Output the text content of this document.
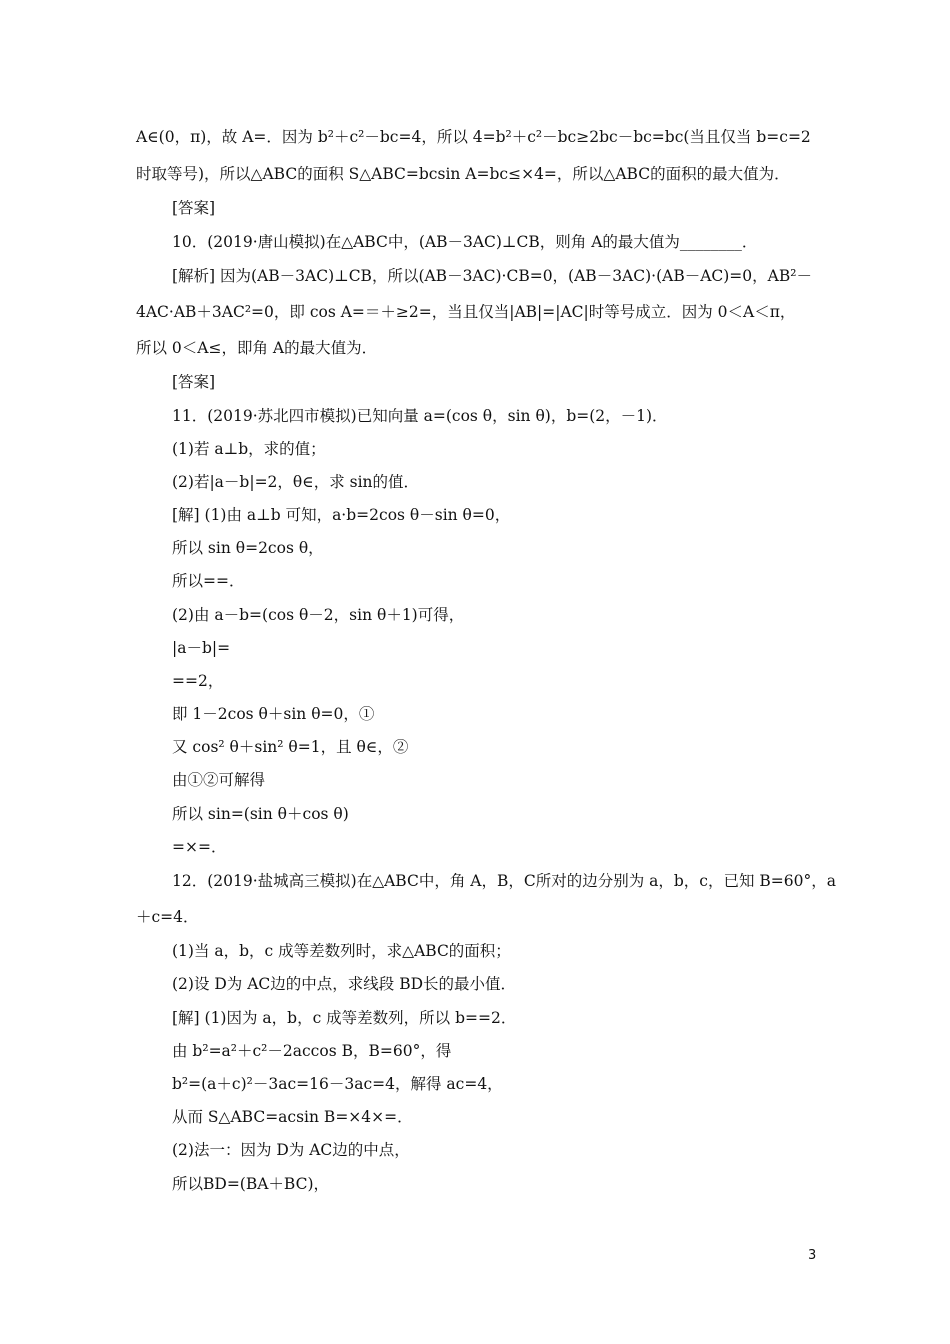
A∈(0，π)，故 A=．因为 b²＋c²－bc=4，所以 4=b²＋c²－bc≥2bc－bc=bc(当且仅当 b=c=2
时取等号)，所以△ABC的面积 S△ABC=bcsin A=bc≤×4=，所以△ABC的面积的最大值为．
[答案]
10．(2019·唐山模拟)在△ABC中，(AB－3AC)⊥CB，则角 A的最大值为________．
[解析] 因为(AB－3AC)⊥CB，所以(AB－3AC)·CB=0，(AB－3AC)·(AB－AC)=0，AB²－
4AC·AB＋3AC²=0，即 cos A=＝＋≥2=，当且仅当|AB|=|AC|时等号成立．因为 0＜A＜π，
所以 0＜A≤，即角 A的最大值为．
[答案]
11．(2019·苏北四市模拟)已知向量 a=(cos θ，sin θ)，b=(2，－1)．
(1)若 a⊥b，求的值；
(2)若|a－b|=2，θ∈，求 sin的值．
[解] (1)由 a⊥b 可知，a·b=2cos θ－sin θ=0，
所以 sin θ=2cos θ，
所以==．
(2)由 a－b=(cos θ－2，sin θ＋1)可得，
|a－b|=
==2，
即 1－2cos θ＋sin θ=0，①
又 cos² θ＋sin² θ=1，且 θ∈，②
由①②可解得
所以 sin=(sin θ＋cos θ)
=×=．
12．(2019·盐城高三模拟)在△ABC中，角 A，B，C所对的边分别为 a，b，c，已知 B=60°，a
＋c=4．
(1)当 a，b，c 成等差数列时，求△ABC的面积；
(2)设 D为 AC边的中点，求线段 BD长的最小值．
[解] (1)因为 a，b，c 成等差数列，所以 b==2．
由 b²=a²＋c²－2accos B，B=60°，得
b²=(a＋c)²－3ac=16－3ac=4，解得 ac=4，
从而 S△ABC=acsin B=×4×=．
(2)法一：因为 D为 AC边的中点，
所以BD=(BA＋BC)，
3
